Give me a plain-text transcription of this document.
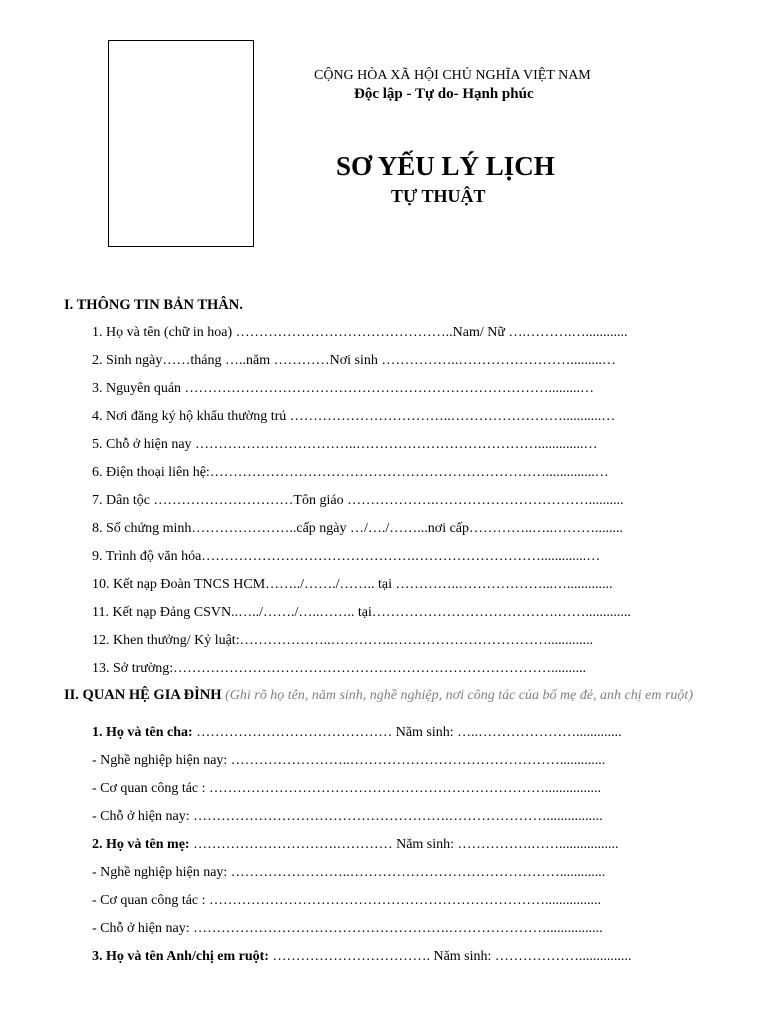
CỘNG HÒA XÃ HỘI CHỦ NGHĨA VIỆT NAM
Độc lập - Tự do- Hạnh phúc
SƠ YẾU LÝ LỊCH
TỰ THUẬT
I. THÔNG TIN BẢN THÂN.
1. Họ và tên (chữ in hoa) ………………………………………..Nam/ Nữ ….……….…............
2. Sinh ngày……tháng …..năm …………Nơi sinh ……………..…………………….........…
3. Nguyên quán …………………………………………………………………….........…
4. Nơi đăng ký hộ khẩu thường trú ……………………………..……………………...........…
5. Chỗ ở hiện nay ……………………………..………………………………….............…
6. Điện thoại liên hệ:………………………………………………………………..............…
7. Dân tộc …………………………Tôn giáo ……………….……………………………..........
8. Số chứng minh…………………..cấp ngày …/…./……...nơi cấp…………..…..………........
9. Trình độ văn hóa……………………………………….……………………….............…
10. Kết nạp Đoàn TNCS HCM……../……./…….. tại …………..………………...….............
11. Kết nạp Đảng CSVN..…../……./…..…….. tại………………………………….…….............
12. Khen thưởng/ Kỷ luật:………………..…………..…………………………….............
13. Sở trường:………………………………………………………………………..........
II. QUAN HỆ GIA ĐÌNH (Ghi rõ họ tên, năm sinh, nghề nghiệp, nơi công tác của bố mẹ đẻ, anh chị em ruột)
1. Họ và tên cha: …………………………………… Năm sinh: …..………………….............
- Nghề nghiệp hiện nay: ……………………..……………………………………….............
- Cơ quan công tác : ………………………………………………………………................
- Chỗ ở hiện nay: ……………………………………………….…………………................
2. Họ và tên mẹ: ………………………….………… Năm sinh: …………….…….................
- Nghề nghiệp hiện nay: ……………………..……………………………………….............
- Cơ quan công tác : ………………………………………………………………................
- Chỗ ở hiện nay: ……………………………………………….…………………................
3. Họ và tên Anh/chị em ruột: ……………………………. Năm sinh: ………………...............
